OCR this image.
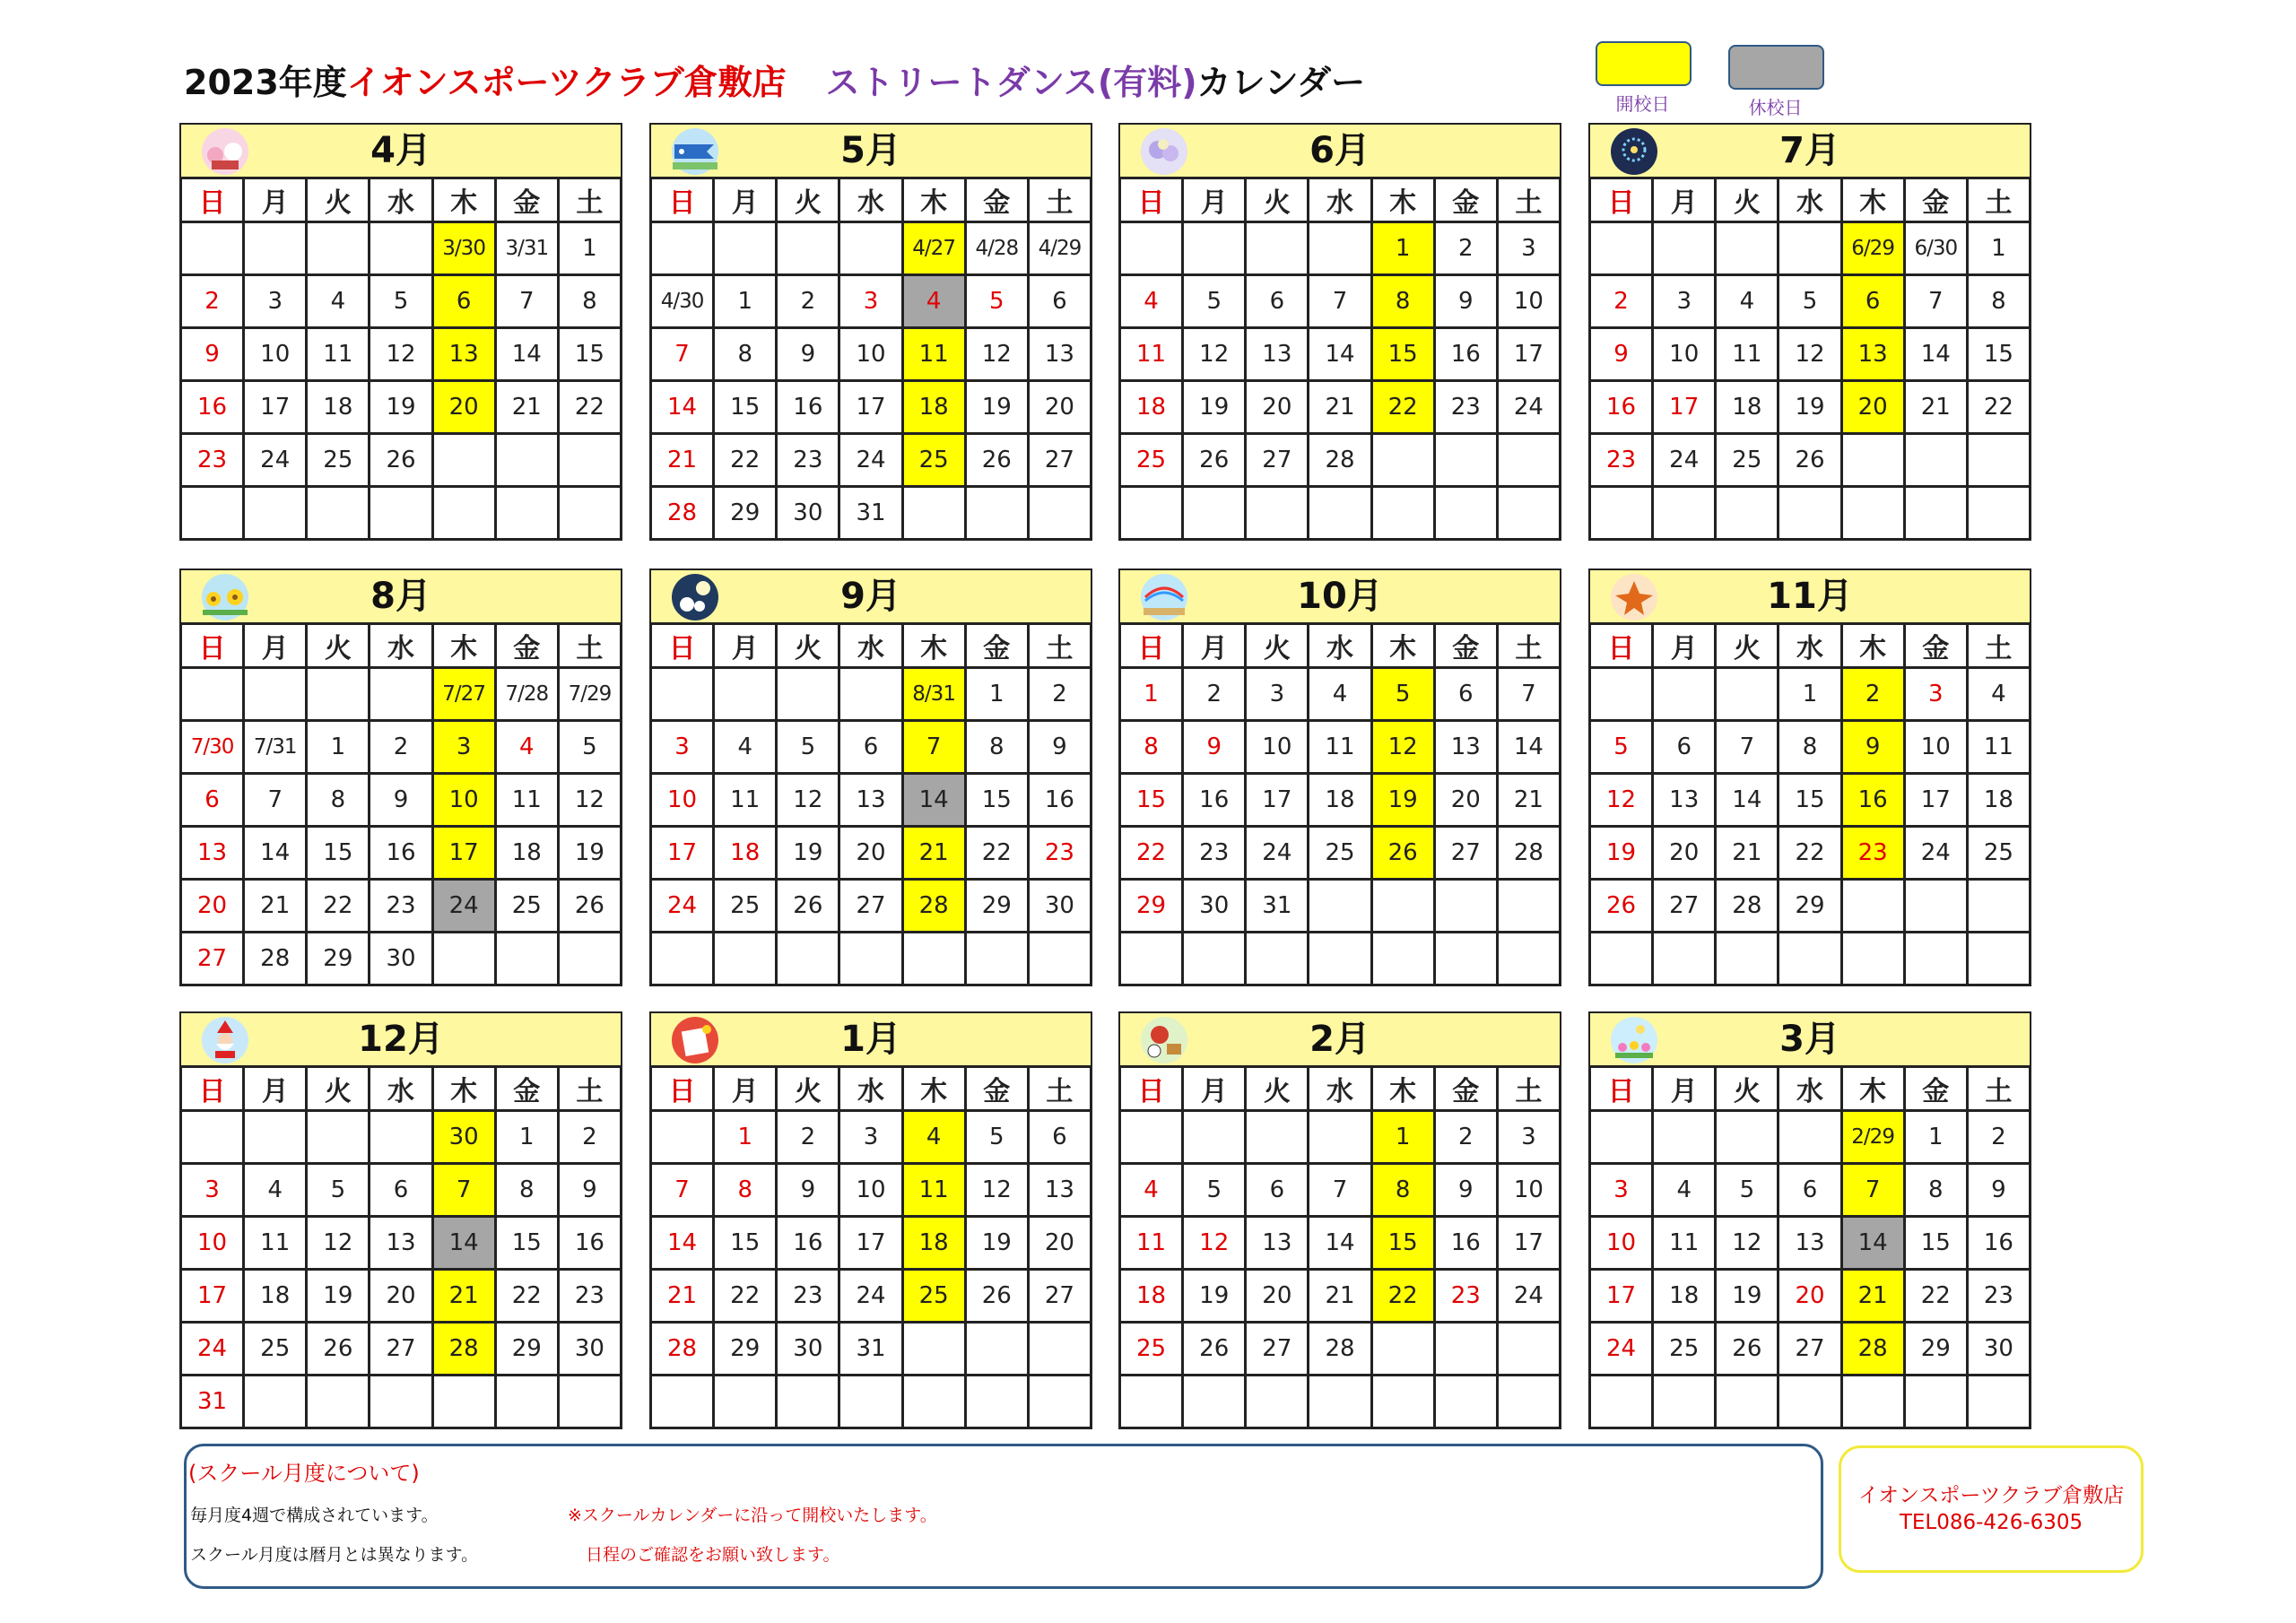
2023年度 イオンスポーツクラブ倉敷店 ストリートダンス(有料) カレンダー
開校日	休校日
4月
日	月	火	水	木	金	土
				3/30	3/31	1
2	3	4	5	6	7	8
9	10	11	12	13	14	15
16	17	18	19	20	21	22
23	24	25	26			

5月
日	月	火	水	木	金	土
				4/27	4/28	4/29
4/30	1	2	3	4	5	6
7	8	9	10	11	12	13
14	15	16	17	18	19	20
21	22	23	24	25	26	27
28	29	30	31			
6月
日	月	火	水	木	金	土
				1	2	3
4	5	6	7	8	9	10
11	12	13	14	15	16	17
18	19	20	21	22	23	24
25	26	27	28			

7月
日	月	火	水	木	金	土
				6/29	6/30	1
2	3	4	5	6	7	8
9	10	11	12	13	14	15
16	17	18	19	20	21	22
23	24	25	26			

8月
日	月	火	水	木	金	土
				7/27	7/28	7/29
7/30	7/31	1	2	3	4	5
6	7	8	9	10	11	12
13	14	15	16	17	18	19
20	21	22	23	24	25	26
27	28	29	30			
9月
日	月	火	水	木	金	土
				8/31	1	2
3	4	5	6	7	8	9
10	11	12	13	14	15	16
17	18	19	20	21	22	23
24	25	26	27	28	29	30

10月
日	月	火	水	木	金	土
1	2	3	4	5	6	7
8	9	10	11	12	13	14
15	16	17	18	19	20	21
22	23	24	25	26	27	28
29	30	31				

11月
日	月	火	水	木	金	土
			1	2	3	4
5	6	7	8	9	10	11
12	13	14	15	16	17	18
19	20	21	22	23	24	25
26	27	28	29			

12月
日	月	火	水	木	金	土
				30	1	2
3	4	5	6	7	8	9
10	11	12	13	14	15	16
17	18	19	20	21	22	23
24	25	26	27	28	29	30
31						
1月
日	月	火	水	木	金	土
	1	2	3	4	5	6
7	8	9	10	11	12	13
14	15	16	17	18	19	20
21	22	23	24	25	26	27
28	29	30	31			

2月
日	月	火	水	木	金	土
				1	2	3
4	5	6	7	8	9	10
11	12	13	14	15	16	17
18	19	20	21	22	23	24
25	26	27	28			

3月
日	月	火	水	木	金	土
				2/29	1	2
3	4	5	6	7	8	9
10	11	12	13	14	15	16
17	18	19	20	21	22	23
24	25	26	27	28	29	30

(スクール月度について)
毎月度4週で構成されています。
スクール月度は暦月とは異なります。
※スクールカレンダーに沿って開校いたします。
日程のご確認をお願い致します。
イオンスポーツクラブ倉敷店
TEL086-426-6305
